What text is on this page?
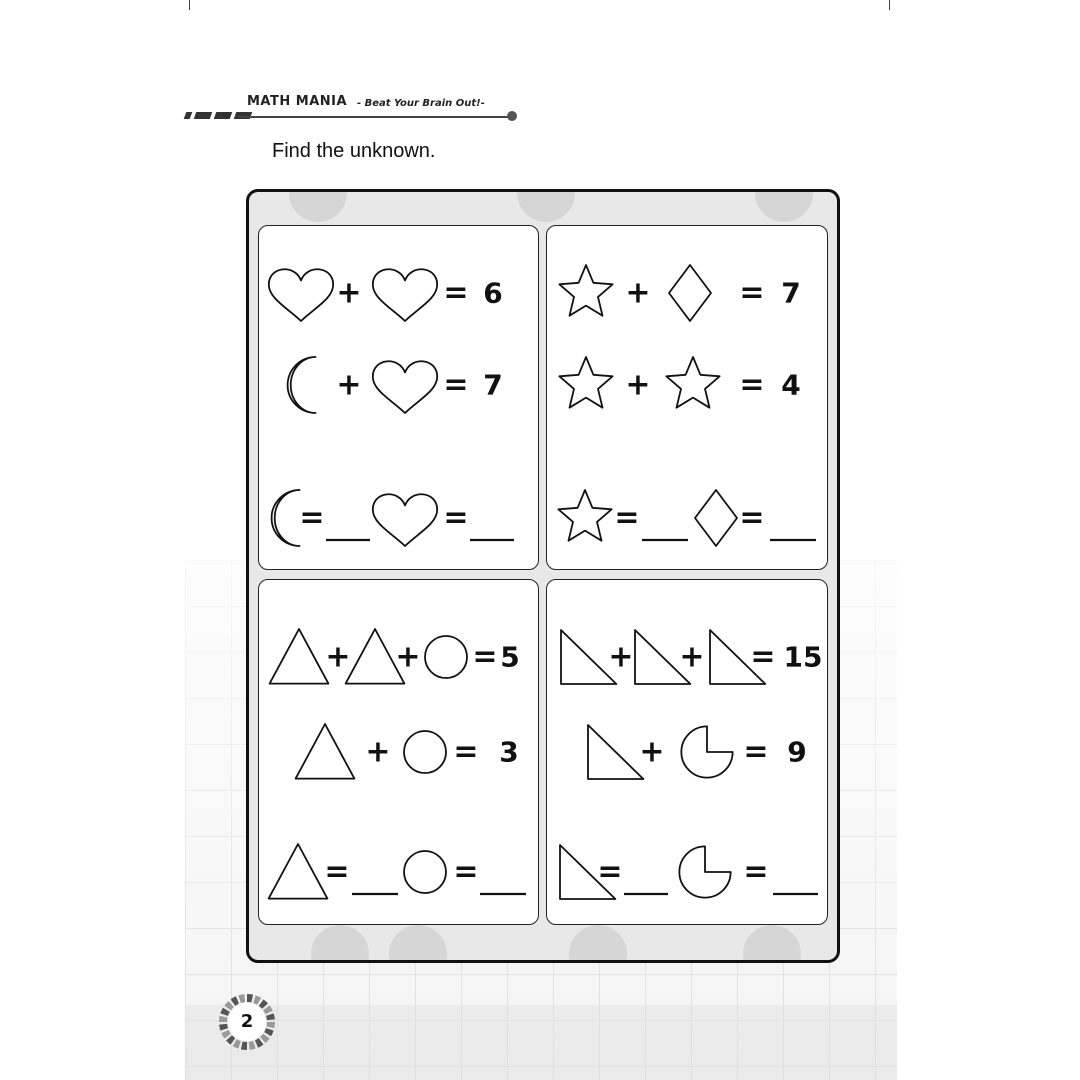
MATH MANIA - Beat Your Brain Out!-
Find the unknown.
+	= 6
+	= 7
=	=
+	= 7
+	= 4
=	=
+ + = 5
+ = 3
=	=
+ + = 15
+	= 9
=	=
2
